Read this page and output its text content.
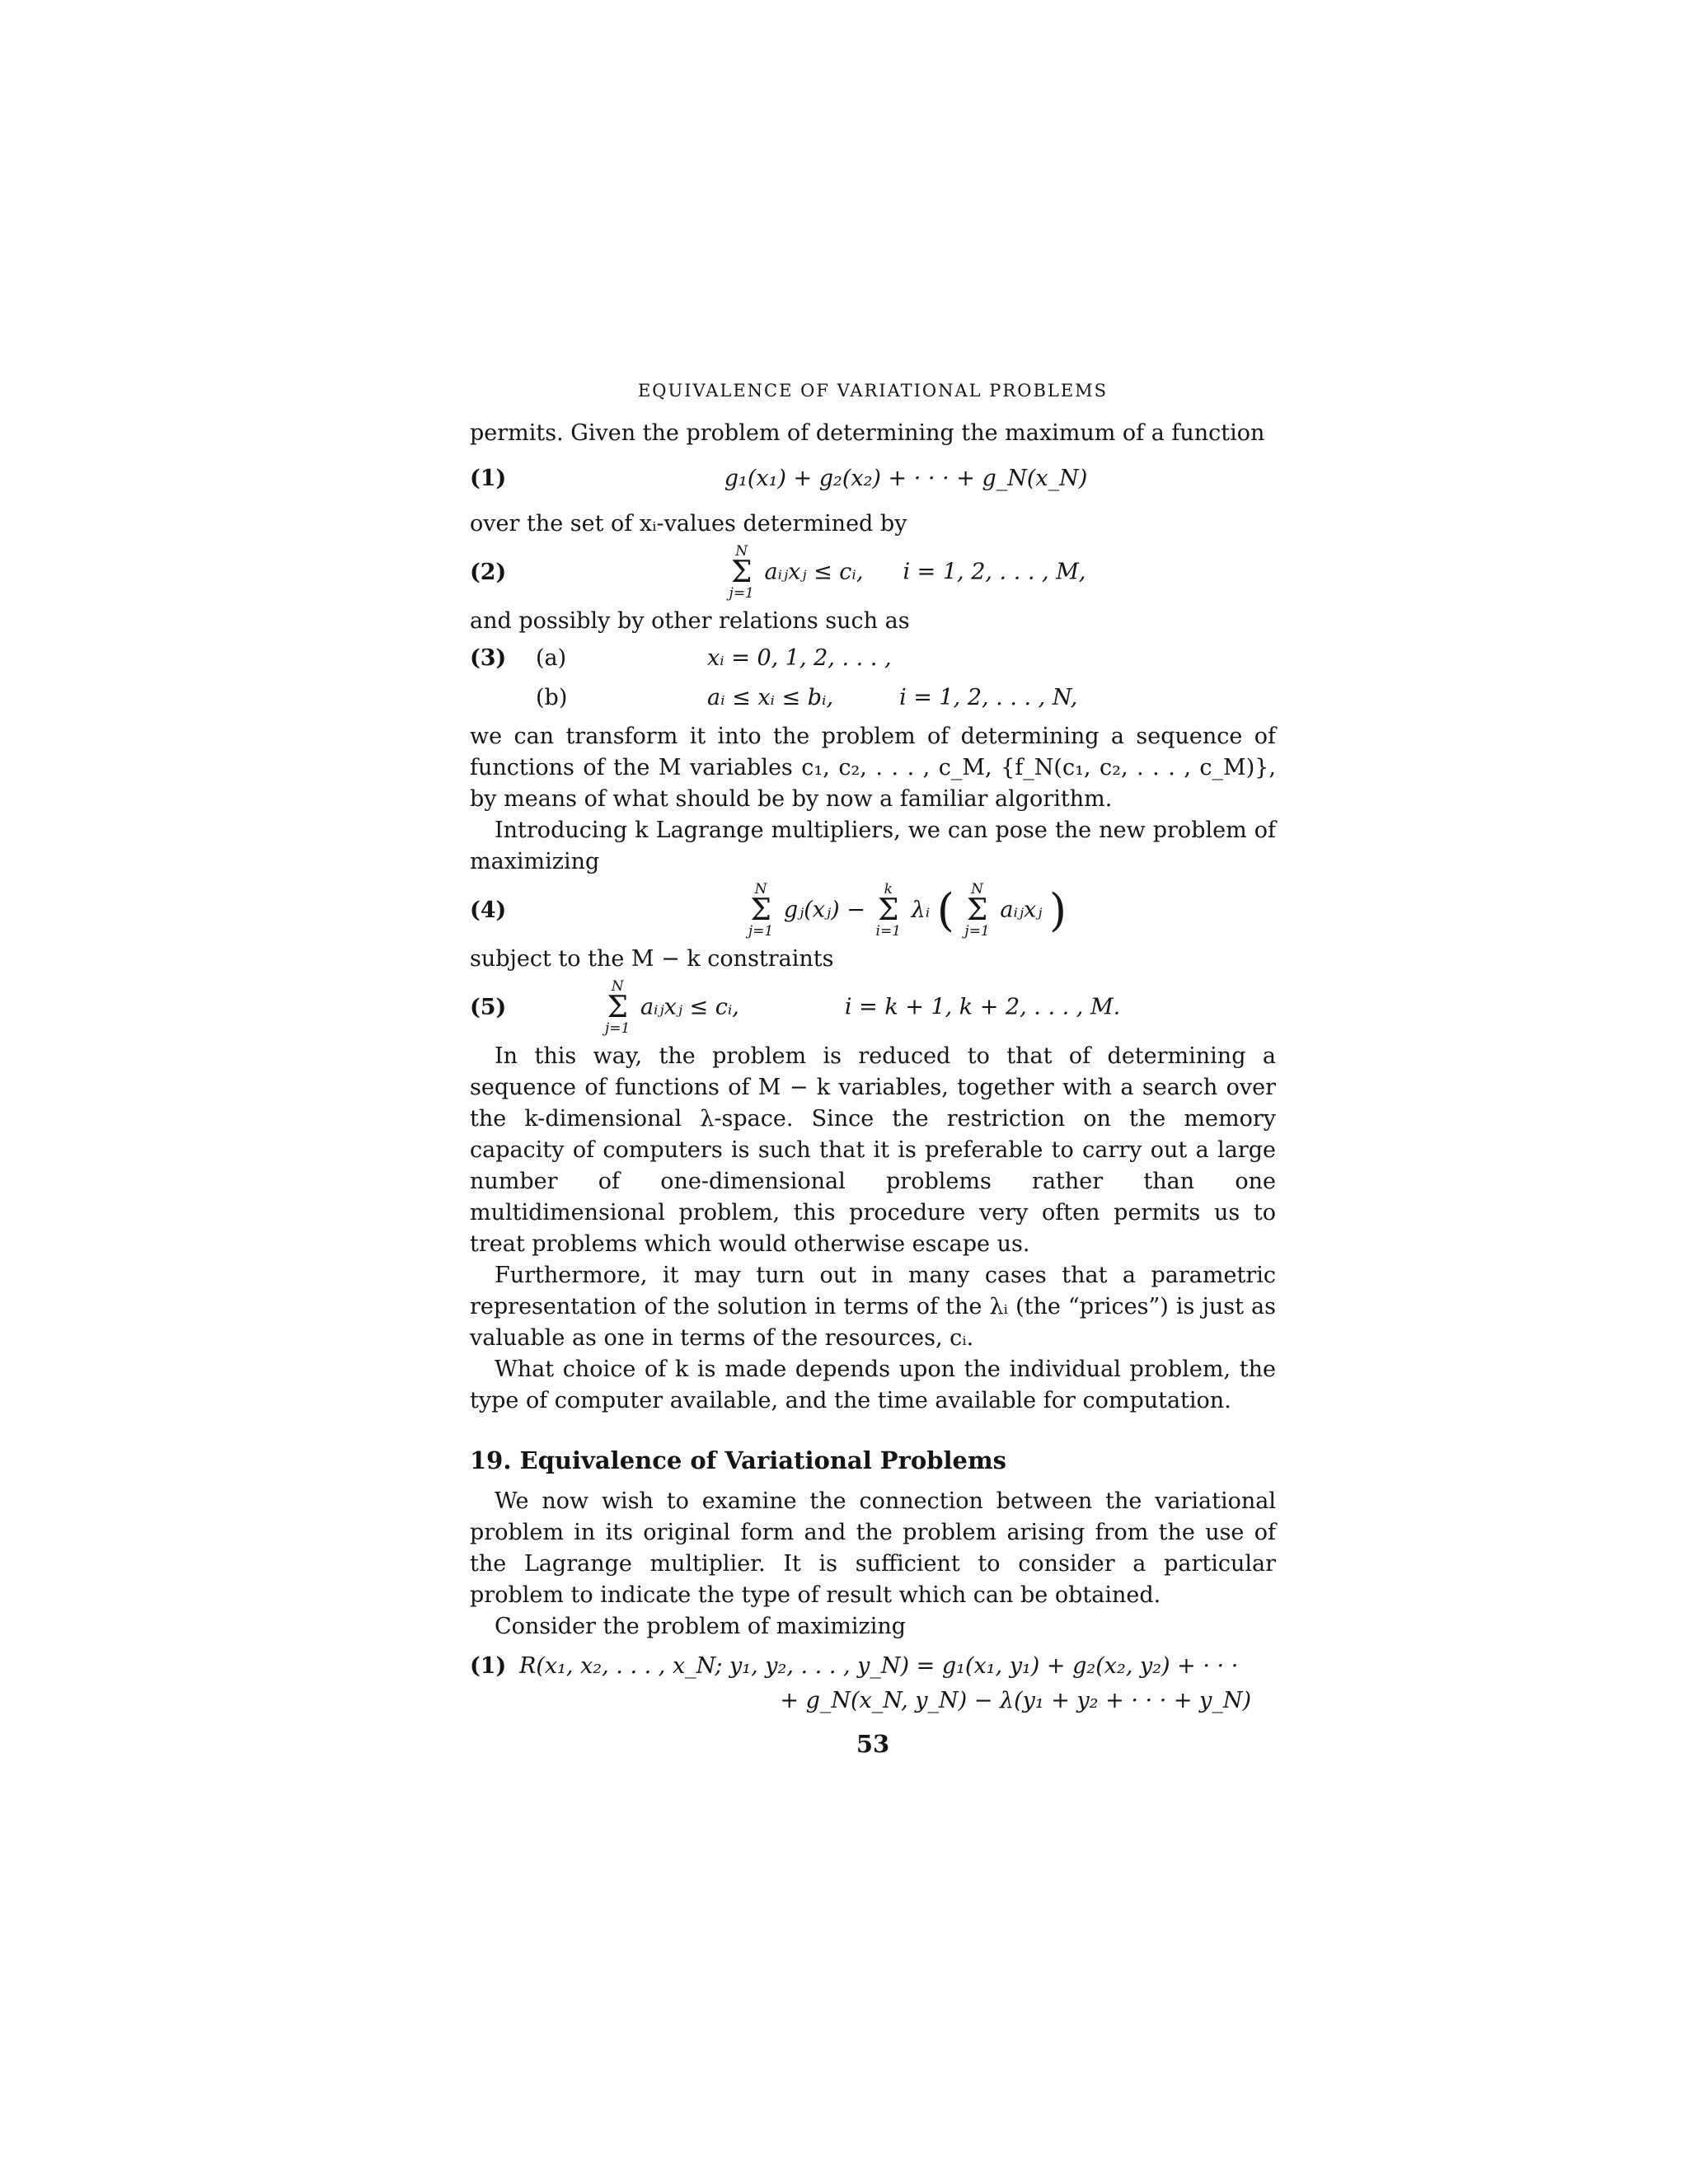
EQUIVALENCE OF VARIATIONAL PROBLEMS

permits. Given the problem of determining the maximum of a function

(1)	g₁(x₁) + g₂(x₂) + · · · + g_N(x_N)

over the set of xᵢ-values determined by

(2)
N
Σ
j=1
aᵢⱼxⱼ ≤ cᵢ, i = 1, 2, . . . , M,

and possibly by other relations such as

(3)	(a)	xᵢ = 0, 1, 2, . . . ,
(b)	aᵢ ≤ xᵢ ≤ bᵢ,	i = 1, 2, . . . , N,

we can transform it into the problem of determining a sequence of functions of the M variables c₁, c₂, . . . , c_M, {f_N(c₁, c₂, . . . , c_M)}, by means of what should be by now a familiar algorithm.

Introducing k Lagrange multipliers, we can pose the new problem of maximizing

(4)
N
Σ
j=1
gⱼ(xⱼ) −
k
Σ
i=1
λᵢ ( N
Σ
j=1
aᵢⱼxⱼ )

subject to the M − k constraints

(5)
N
Σ
j=1
aᵢⱼxⱼ ≤ cᵢ,	i = k + 1, k + 2, . . . , M.

In this way, the problem is reduced to that of determining a sequence of functions of M − k variables, together with a search over the k-dimensional λ-space. Since the restriction on the memory capacity of computers is such that it is preferable to carry out a large number of one-dimensional problems rather than one multidimensional problem, this procedure very often permits us to treat problems which would otherwise escape us.

Furthermore, it may turn out in many cases that a parametric representation of the solution in terms of the λᵢ (the “prices”) is just as valuable as one in terms of the resources, cᵢ.

What choice of k is made depends upon the individual problem, the type of computer available, and the time available for computation.

19. Equivalence of Variational Problems

We now wish to examine the connection between the variational problem in its original form and the problem arising from the use of the Lagrange multiplier. It is sufficient to consider a particular problem to indicate the type of result which can be obtained.

Consider the problem of maximizing

(1) R(x₁, x₂, . . . , x_N; y₁, y₂, . . . , y_N) = g₁(x₁, y₁) + g₂(x₂, y₂) + · · ·
+ g_N(x_N, y_N) − λ(y₁ + y₂ + · · · + y_N)
53
